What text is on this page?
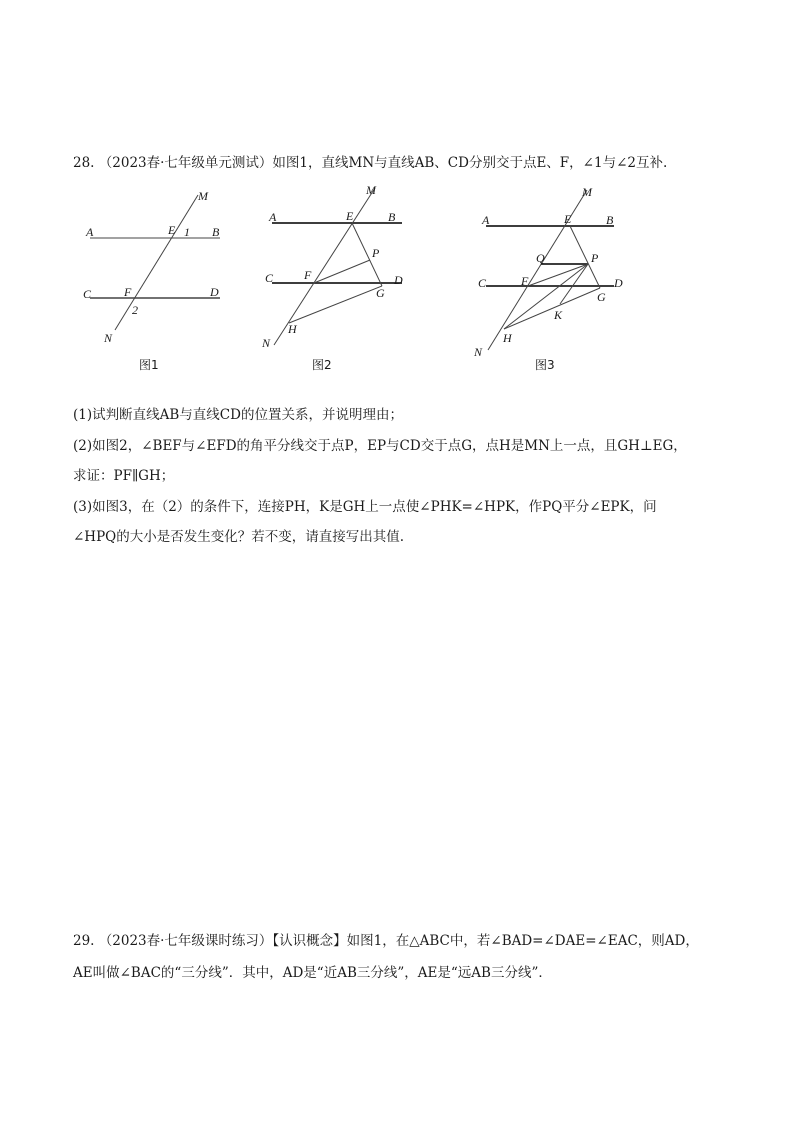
28. （2023春·七年级单元测试）如图1，直线MN与直线AB、CD分别交于点E、F，∠1与∠2互补.
M
A	E 1 B
C	F	D
2
N
图1
M
A	E	B
P
C	F	D
G
H
N
图2
M
A	E	B
Q	P
C	F	D
G
K
H
N
图3
(1)试判断直线AB与直线CD的位置关系，并说明理由；
(2)如图2，∠BEF与∠EFD的角平分线交于点P，EP与CD交于点G，点H是MN上一点，且GH⊥EG，
求证：PF∥GH；
(3)如图3，在（2）的条件下，连接PH，K是GH上一点使∠PHK=∠HPK，作PQ平分∠EPK，问
∠HPQ的大小是否发生变化？若不变，请直接写出其值.
29. （2023春·七年级课时练习）【认识概念】如图1，在△ABC中，若∠BAD=∠DAE=∠EAC，则AD，
AE叫做∠BAC的“三分线”．其中，AD是“近AB三分线”，AE是“远AB三分线”．
